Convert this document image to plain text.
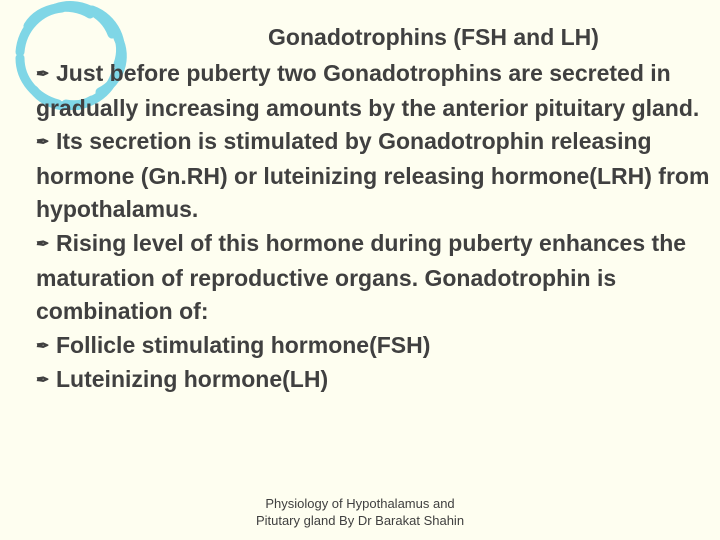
Gonadotrophins (FSH and LH)

✒ Just before puberty two Gonadotrophins are secreted in gradually increasing amounts by the anterior pituitary gland.

✒ Its secretion is stimulated by Gonadotrophin releasing hormone (Gn.RH) or luteinizing releasing hormone(LRH) from hypothalamus.

✒ Rising level of this hormone during puberty enhances the maturation of reproductive organs. Gonadotrophin is combination of:

✒ Follicle stimulating hormone(FSH)

✒ Luteinizing hormone(LH)

Physiology of Hypothalamus and Pitutary gland By Dr Barakat Shahin
